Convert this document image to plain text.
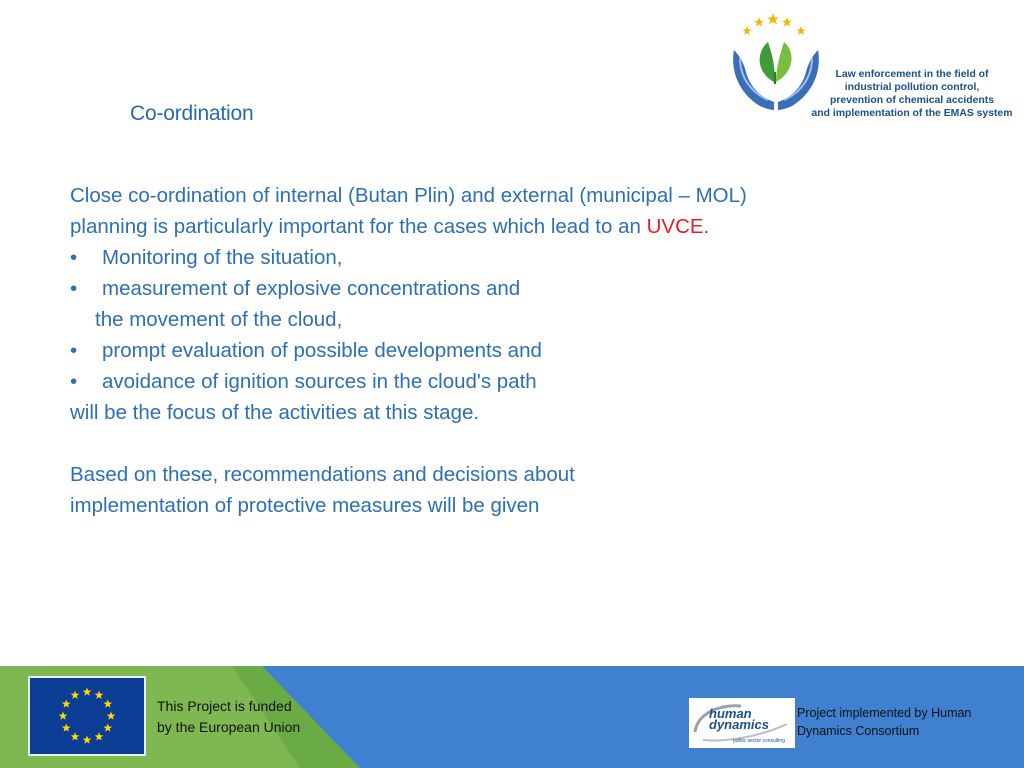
Co-ordination
Law enforcement in the field of
industrial pollution control,
prevention of chemical accidents
and implementation of the EMAS system

Close co-ordination of internal (Butan Plin) and external (municipal – MOL)

planning is particularly important for the cases which lead to an UVCE.

• Monitoring of the situation,
• measurement of explosive concentrations and
the movement of the cloud,
• prompt evaluation of possible developments and
• avoidance of ignition sources in the cloud's path

will be the focus of the activities at this stage.

Based on these, recommendations and decisions about

implementation of protective measures will be given

This Project is funded
by the European Union
human
dynamics
public sector consulting
Project implemented by Human
Dynamics Consortium
